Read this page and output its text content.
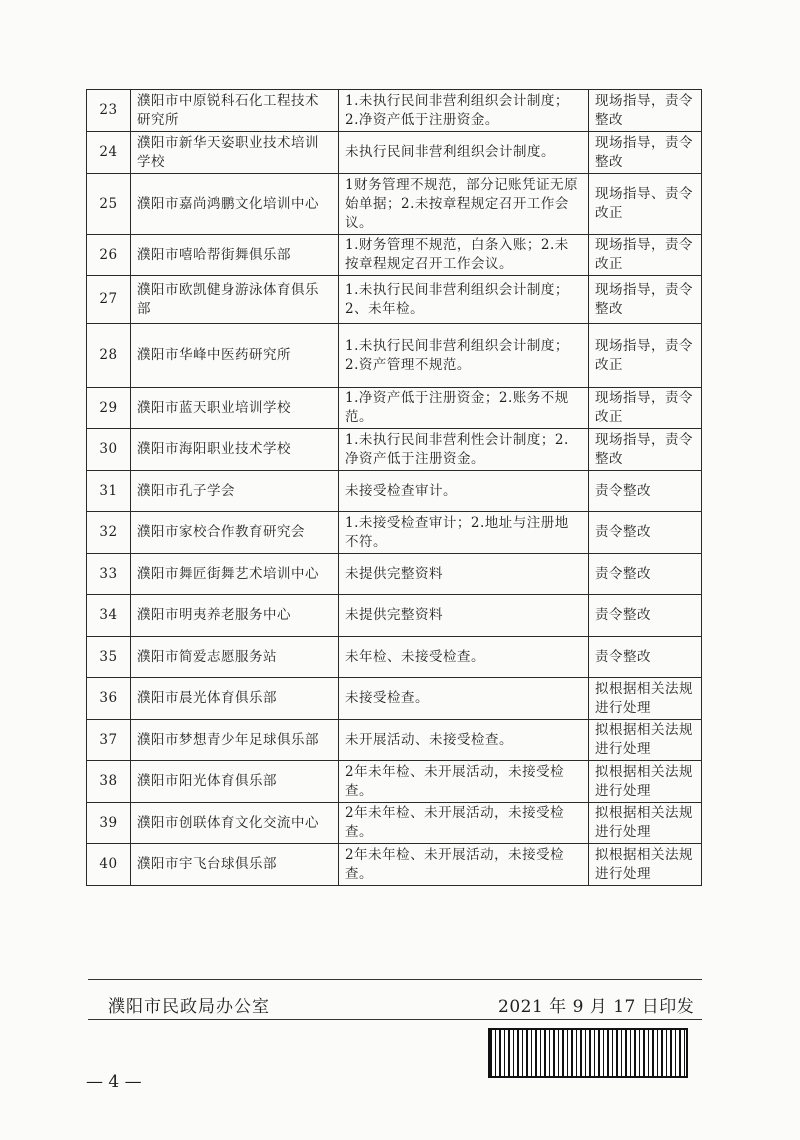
23	濮阳市中原锐科石化工程技术研究所	1.未执行民间非营利组织会计制度；2.净资产低于注册资金。	现场指导，责令整改
24	濮阳市新华天姿职业技术培训学校	未执行民间非营利组织会计制度。	现场指导，责令整改
25	濮阳市嘉尚鸿鹏文化培训中心	1财务管理不规范，部分记账凭证无原始单据；2.未按章程规定召开工作会议。	现场指导、责令改正
26	濮阳市嘻哈帮街舞俱乐部	1.财务管理不规范，白条入账；2.未按章程规定召开工作会议。	现场指导，责令改正
27	濮阳市欧凯健身游泳体育俱乐部	1.未执行民间非营利组织会计制度；2、未年检。	现场指导，责令整改
28	濮阳市华峰中医药研究所	1.未执行民间非营利组织会计制度；2.资产管理不规范。	现场指导，责令改正
29	濮阳市蓝天职业培训学校	1.净资产低于注册资金；2.账务不规范。	现场指导，责令改正
30	濮阳市海阳职业技术学校	1.未执行民间非营利性会计制度；2.净资产低于注册资金。	现场指导，责令整改
31	濮阳市孔子学会	未接受检查审计。	责令整改
32	濮阳市家校合作教育研究会	1.未接受检查审计；2.地址与注册地不符。	责令整改
33	濮阳市舞匠街舞艺术培训中心	未提供完整资料	责令整改
34	濮阳市明夷养老服务中心	未提供完整资料	责令整改
35	濮阳市简爱志愿服务站	未年检、未接受检查。	责令整改
36	濮阳市晨光体育俱乐部	未接受检查。	拟根据相关法规进行处理
37	濮阳市梦想青少年足球俱乐部	未开展活动、未接受检查。	拟根据相关法规进行处理
38	濮阳市阳光体育俱乐部	2年未年检、未开展活动，未接受检查。	拟根据相关法规进行处理
39	濮阳市创联体育文化交流中心	2年未年检、未开展活动，未接受检查。	拟根据相关法规进行处理
40	濮阳市宇飞台球俱乐部	2年未年检、未开展活动，未接受检查。	拟根据相关法规进行处理
濮阳市民政局办公室	2021 年 9 月 17 日印发
— 4 —
